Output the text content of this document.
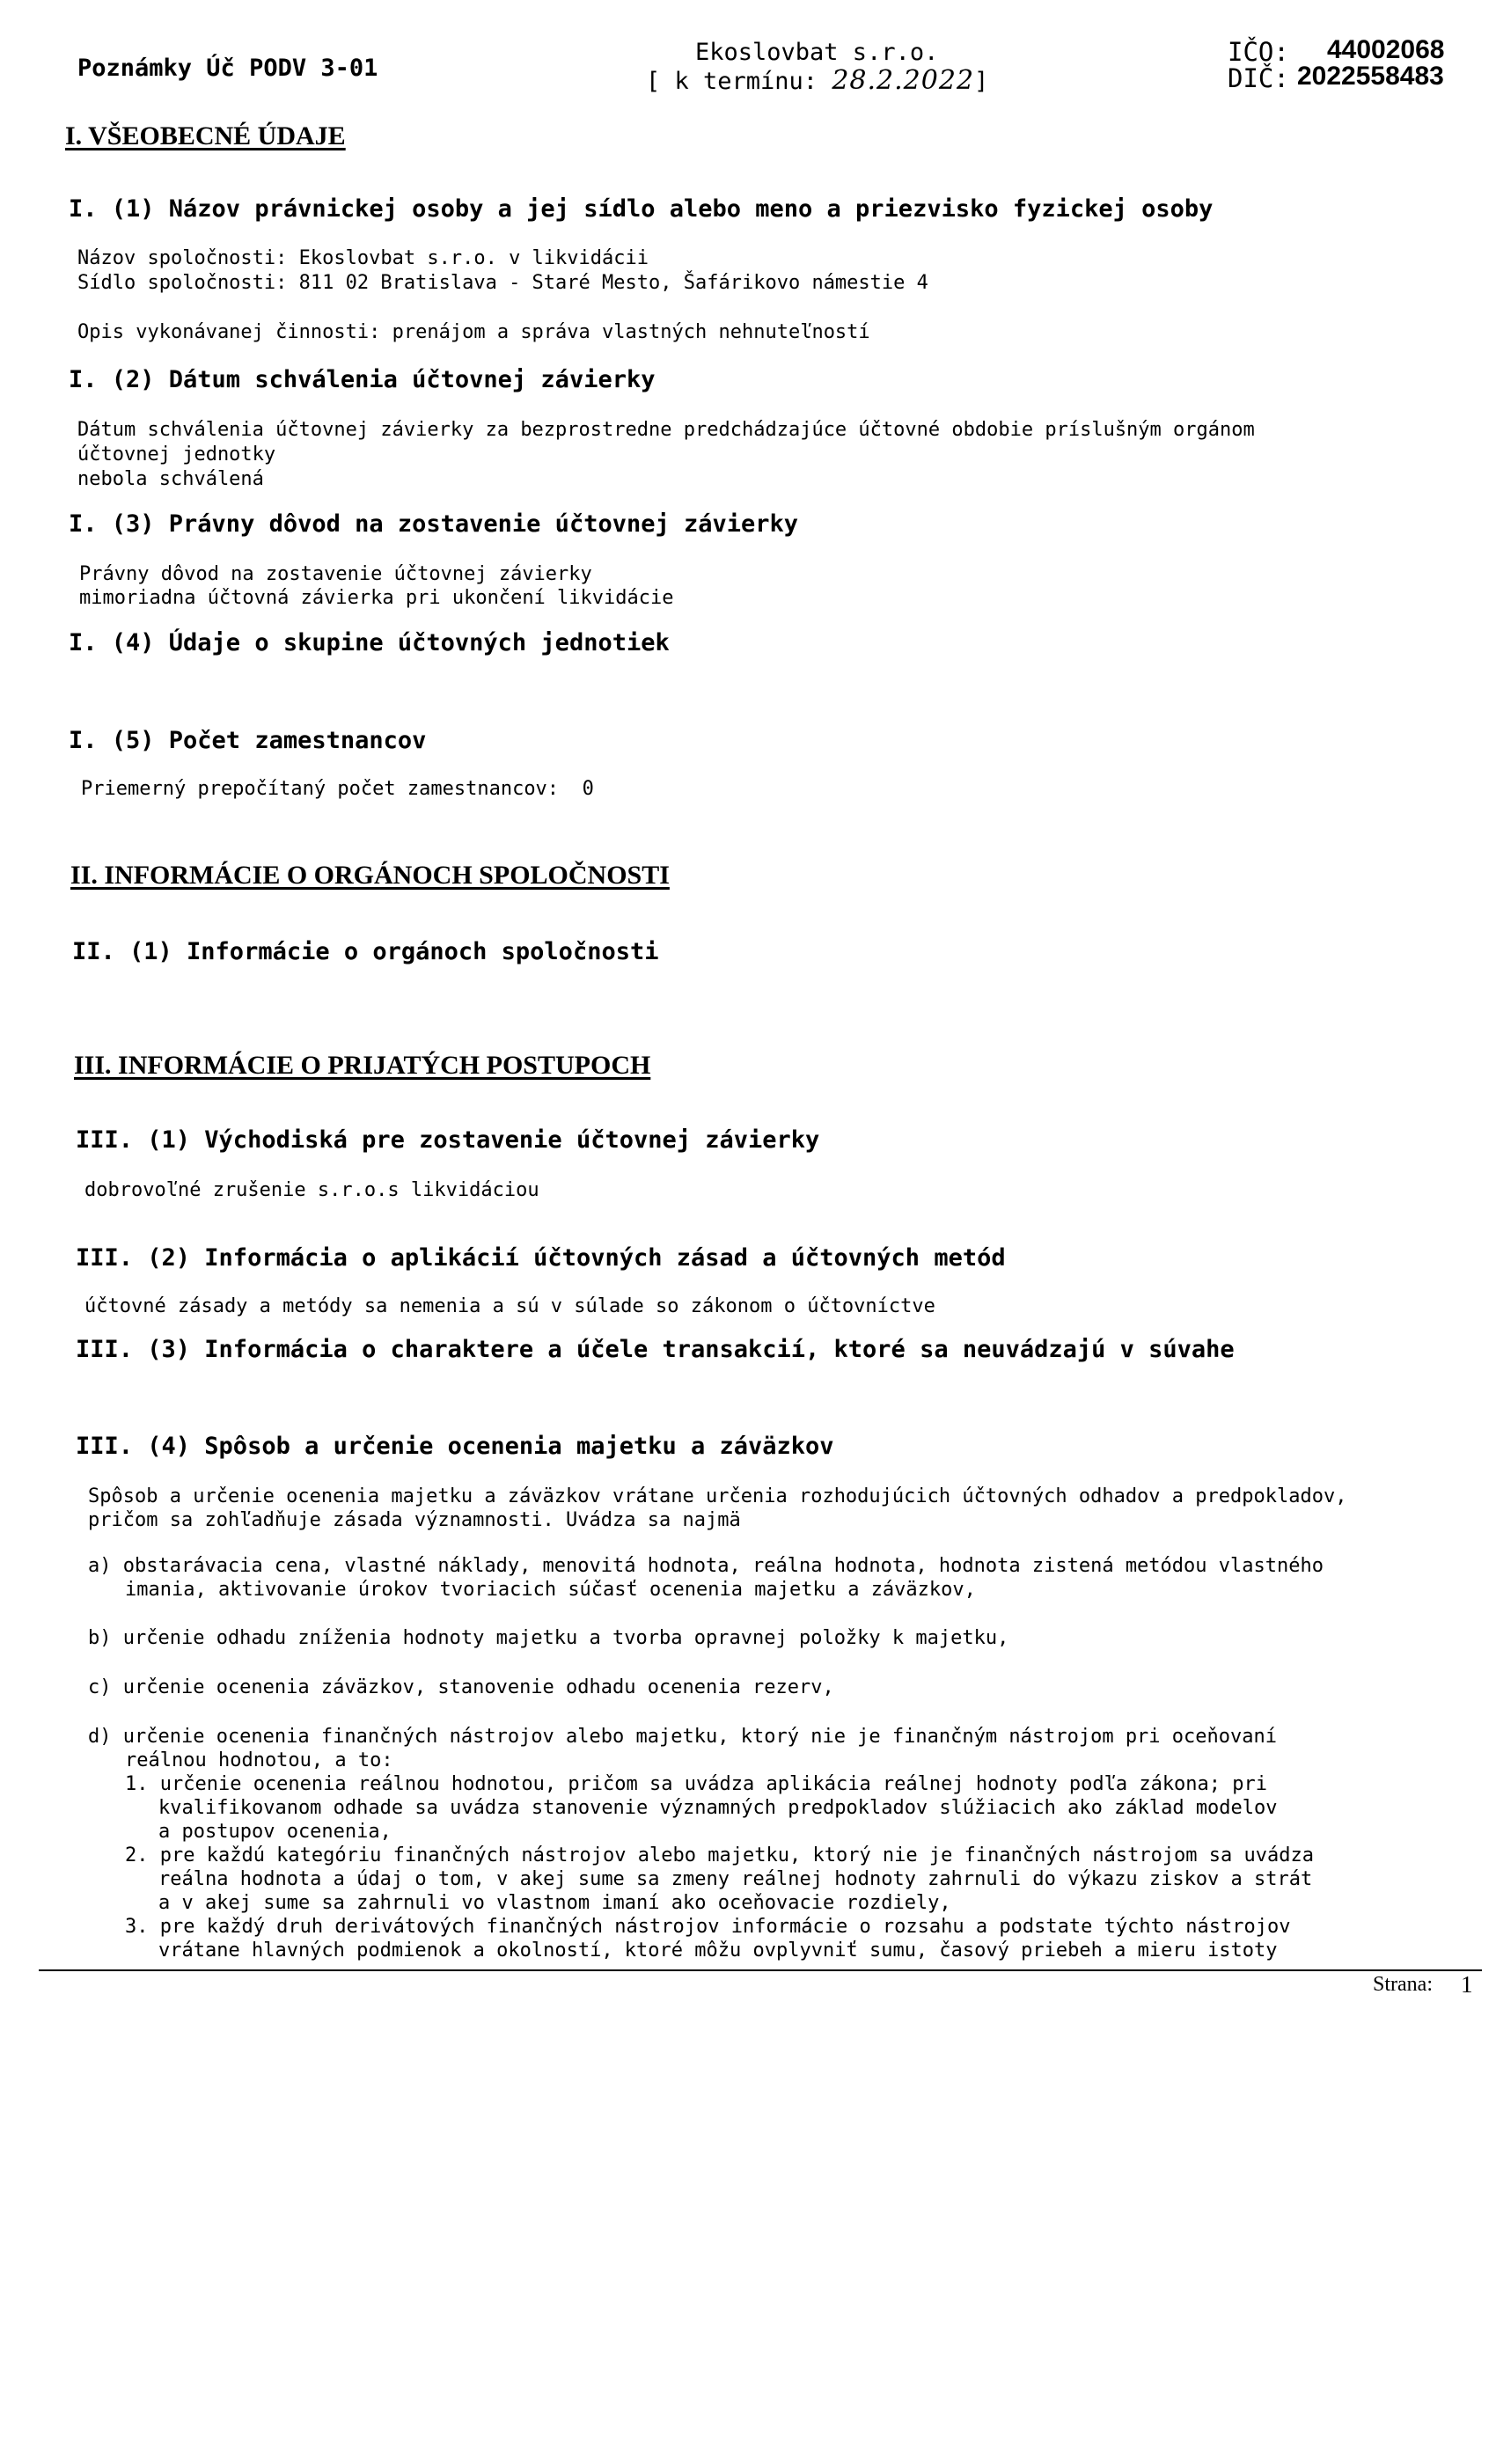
Poznámky Úč PODV 3-01
Ekoslovbat s.r.o.
[ k termínu: 28.2.2022]
IČO: 44002068
DIČ: 2022558483
I. VŠEOBECNÉ ÚDAJE
I. (1) Názov právnickej osoby a jej sídlo alebo meno a priezvisko fyzickej osoby
Názov spoločnosti: Ekoslovbat s.r.o. v likvidácii
Sídlo spoločnosti: 811 02 Bratislava - Staré Mesto, Šafárikovo námestie 4
Opis vykonávanej činnosti: prenájom a správa vlastných nehnuteľností
I. (2) Dátum schválenia účtovnej závierky
Dátum schválenia účtovnej závierky za bezprostredne predchádzajúce účtovné obdobie príslušným orgánom
účtovnej jednotky
nebola schválená
I. (3) Právny dôvod na zostavenie účtovnej závierky
Právny dôvod na zostavenie účtovnej závierky
mimoriadna účtovná závierka pri ukončení likvidácie
I. (4) Údaje o skupine účtovných jednotiek
I. (5) Počet zamestnancov
Priemerný prepočítaný počet zamestnancov: 0
II. INFORMÁCIE O ORGÁNOCH SPOLOČNOSTI
II. (1) Informácie o orgánoch spoločnosti
III. INFORMÁCIE O PRIJATÝCH POSTUPOCH
III. (1) Východiská pre zostavenie účtovnej závierky
dobrovoľné zrušenie s.r.o.s likvidáciou
III. (2) Informácia o aplikácií účtovných zásad a účtovných metód
účtovné zásady a metódy sa nemenia a sú v súlade so zákonom o účtovníctve
III. (3) Informácia o charaktere a účele transakcií, ktoré sa neuvádzajú v súvahe
III. (4) Spôsob a určenie ocenenia majetku a záväzkov
Spôsob a určenie ocenenia majetku a záväzkov vrátane určenia rozhodujúcich účtovných odhadov a predpokladov,
pričom sa zohľadňuje zásada významnosti. Uvádza sa najmä
a) obstarávacia cena, vlastné náklady, menovitá hodnota, reálna hodnota, hodnota zistená metódou vlastného
imania, aktivovanie úrokov tvoriacich súčasť ocenenia majetku a záväzkov,
b) určenie odhadu zníženia hodnoty majetku a tvorba opravnej položky k majetku,
c) určenie ocenenia záväzkov, stanovenie odhadu ocenenia rezerv,
d) určenie ocenenia finančných nástrojov alebo majetku, ktorý nie je finančným nástrojom pri oceňovaní
reálnou hodnotou, a to:
1. určenie ocenenia reálnou hodnotou, pričom sa uvádza aplikácia reálnej hodnoty podľa zákona; pri
kvalifikovanom odhade sa uvádza stanovenie významných predpokladov slúžiacich ako základ modelov
a postupov ocenenia,
2. pre každú kategóriu finančných nástrojov alebo majetku, ktorý nie je finančných nástrojom sa uvádza
reálna hodnota a údaj o tom, v akej sume sa zmeny reálnej hodnoty zahrnuli do výkazu ziskov a strát
a v akej sume sa zahrnuli vo vlastnom imaní ako oceňovacie rozdiely,
3. pre každý druh derivátových finančných nástrojov informácie o rozsahu a podstate týchto nástrojov
vrátane hlavných podmienok a okolností, ktoré môžu ovplyvniť sumu, časový priebeh a mieru istoty
Strana: 1
